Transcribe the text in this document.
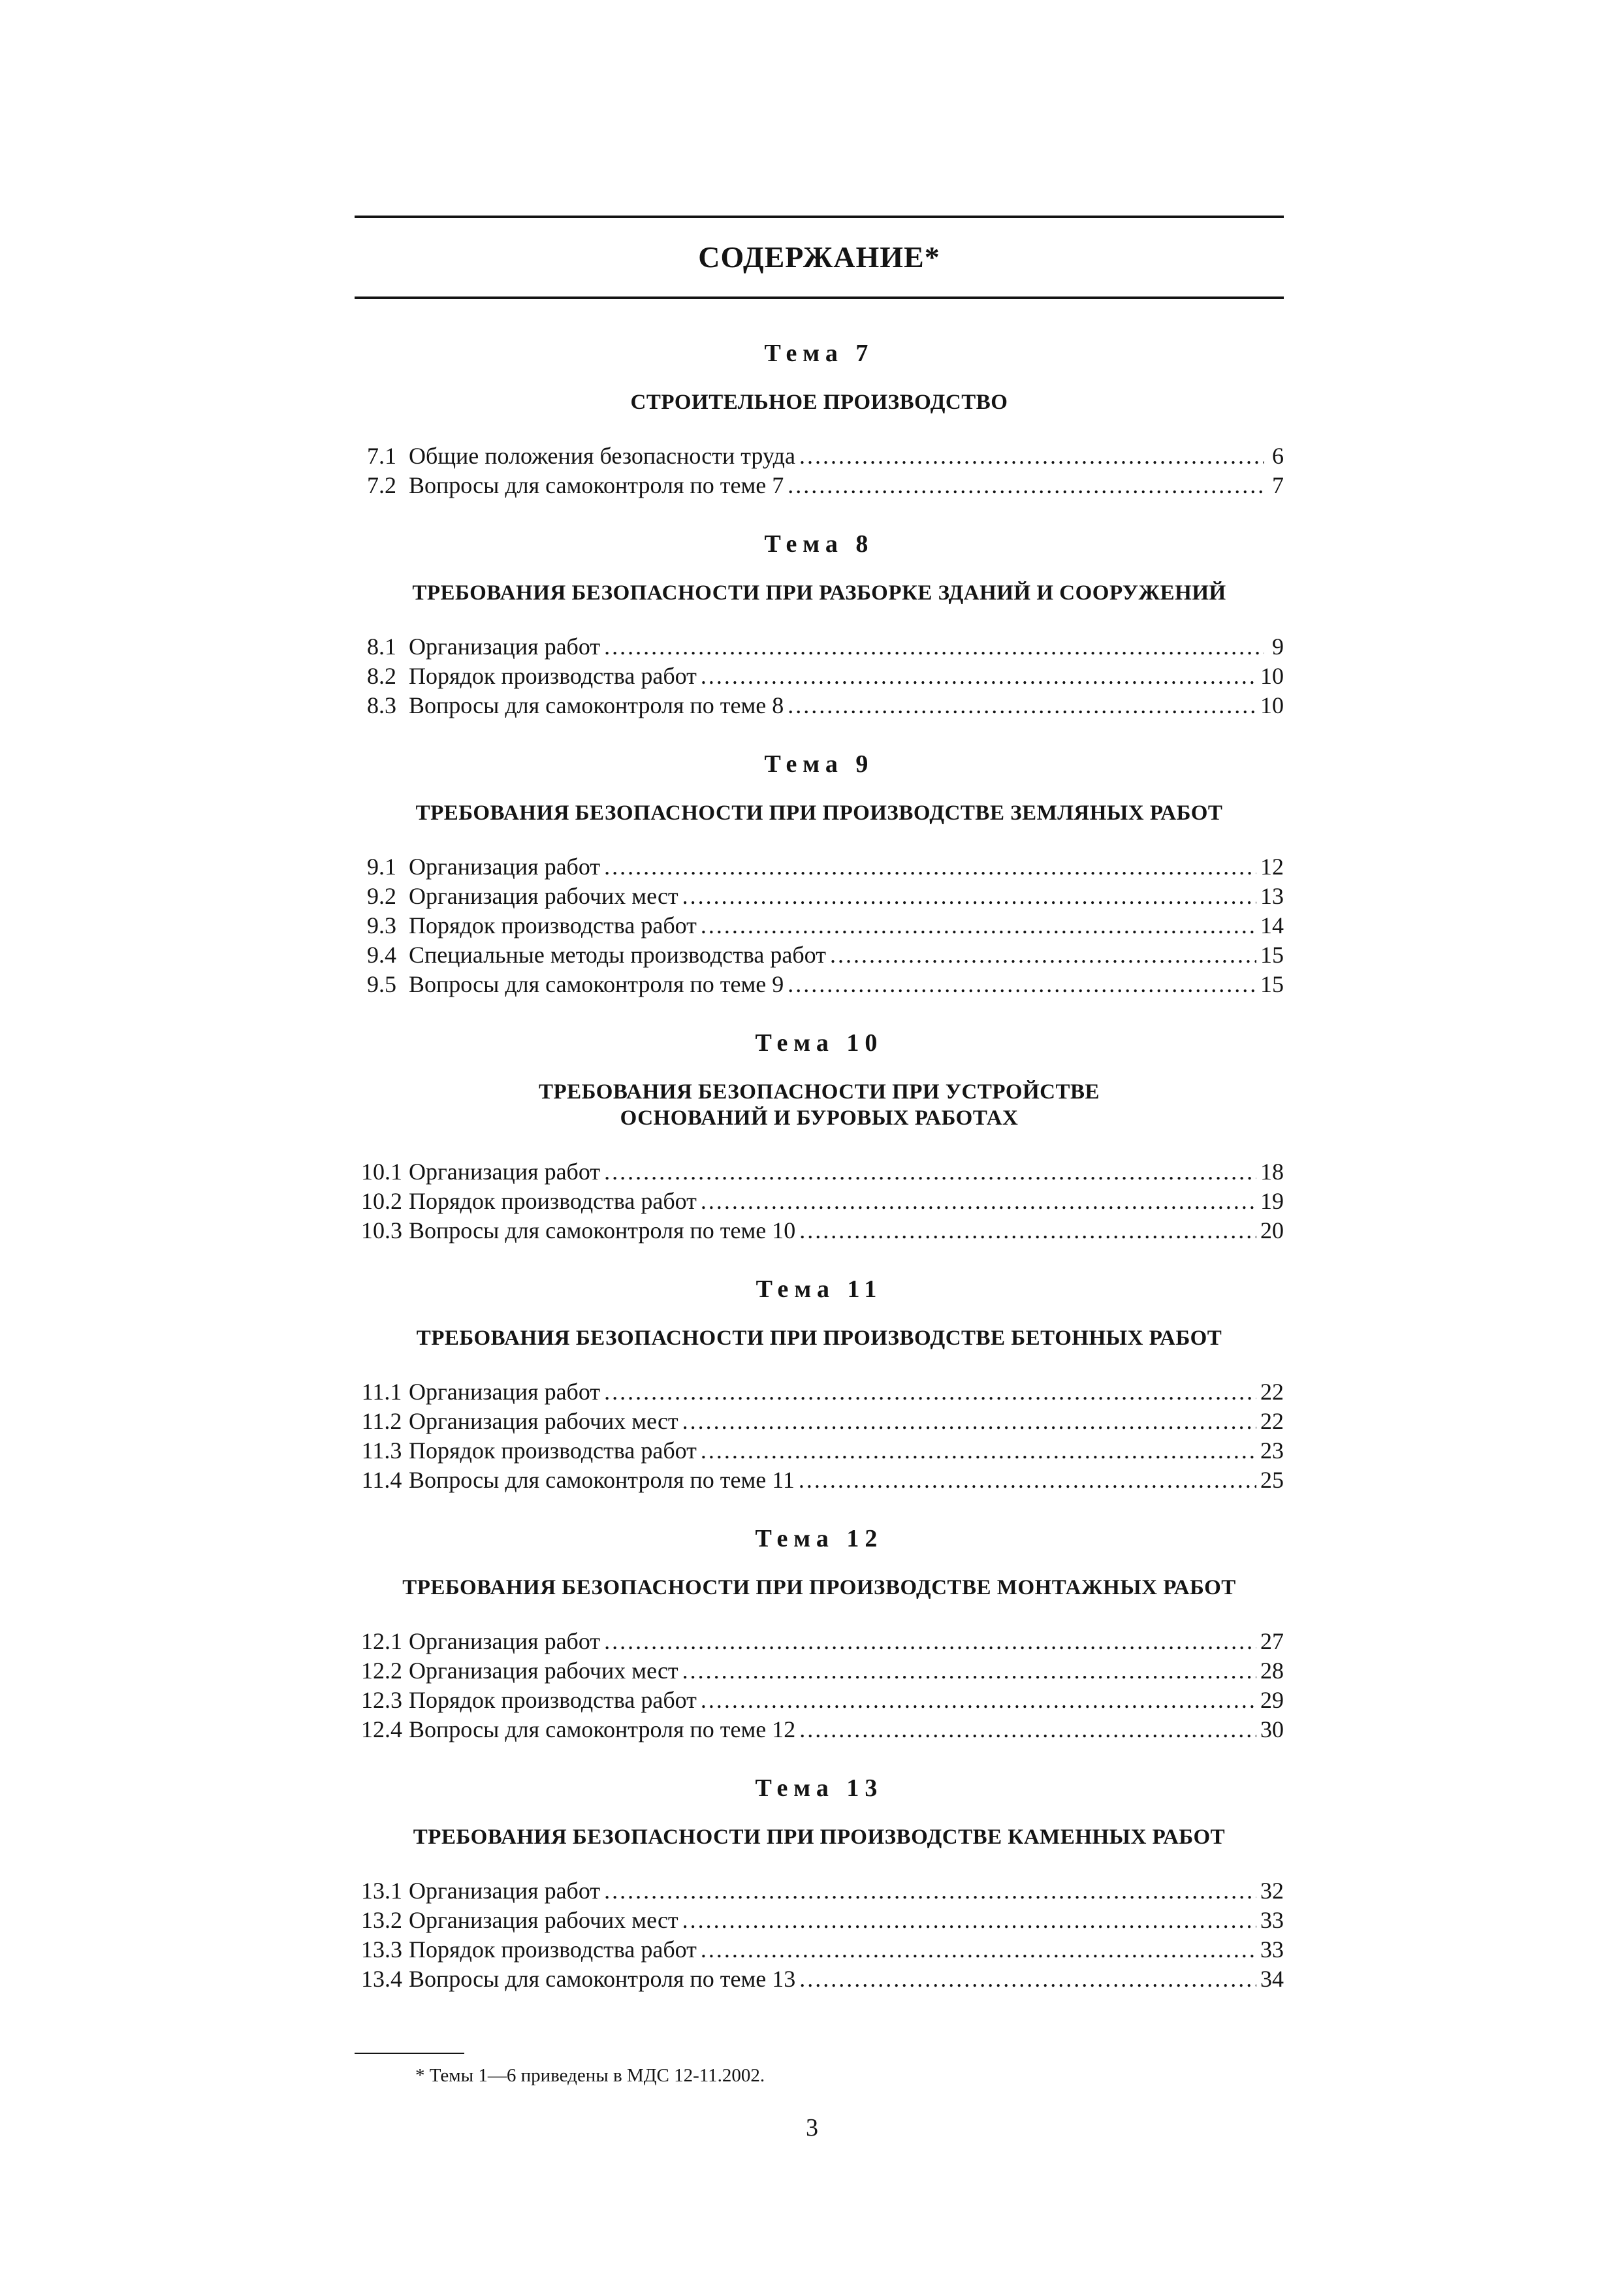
СОДЕРЖАНИЕ*
Тема 7
СТРОИТЕЛЬНОЕ ПРОИЗВОДСТВО
7.1 Общие положения безопасности труда . . .	6
7.2 Вопросы для самоконтроля по теме 7 . . .	7
Тема 8
ТРЕБОВАНИЯ БЕЗОПАСНОСТИ ПРИ РАЗБОРКЕ ЗДАНИЙ И СООРУЖЕНИЙ
8.1 Организация работ . . .	9
8.2 Порядок производства работ . . .	10
8.3 Вопросы для самоконтроля по теме 8 . . .	10
Тема 9
ТРЕБОВАНИЯ БЕЗОПАСНОСТИ ПРИ ПРОИЗВОДСТВЕ ЗЕМЛЯНЫХ РАБОТ
9.1 Организация работ . . .	12
9.2 Организация рабочих мест . . .	13
9.3 Порядок производства работ . . .	14
9.4 Специальные методы производства работ . . .	15
9.5 Вопросы для самоконтроля по теме 9 . . .	15
Тема 10
ТРЕБОВАНИЯ БЕЗОПАСНОСТИ ПРИ УСТРОЙСТВЕ
ОСНОВАНИЙ И БУРОВЫХ РАБОТАХ
10.1 Организация работ . . .	18
10.2 Порядок производства работ . . .	19
10.3 Вопросы для самоконтроля по теме 10 . . .	20
Тема 11
ТРЕБОВАНИЯ БЕЗОПАСНОСТИ ПРИ ПРОИЗВОДСТВЕ БЕТОННЫХ РАБОТ
11.1 Организация работ . . .	22
11.2 Организация рабочих мест . . .	22
11.3 Порядок производства работ . . .	23
11.4 Вопросы для самоконтроля по теме 11 . . .	25
Тема 12
ТРЕБОВАНИЯ БЕЗОПАСНОСТИ ПРИ ПРОИЗВОДСТВЕ МОНТАЖНЫХ РАБОТ
12.1 Организация работ . . .	27
12.2 Организация рабочих мест . . .	28
12.3 Порядок производства работ . . .	29
12.4 Вопросы для самоконтроля по теме 12 . . .	30
Тема 13
ТРЕБОВАНИЯ БЕЗОПАСНОСТИ ПРИ ПРОИЗВОДСТВЕ КАМЕННЫХ РАБОТ
13.1 Организация работ . . .	32
13.2 Организация рабочих мест . . .	33
13.3 Порядок производства работ . . .	33
13.4 Вопросы для самоконтроля по теме 13 . . .	34
* Темы 1—6 приведены в МДС 12-11.2002.
3
